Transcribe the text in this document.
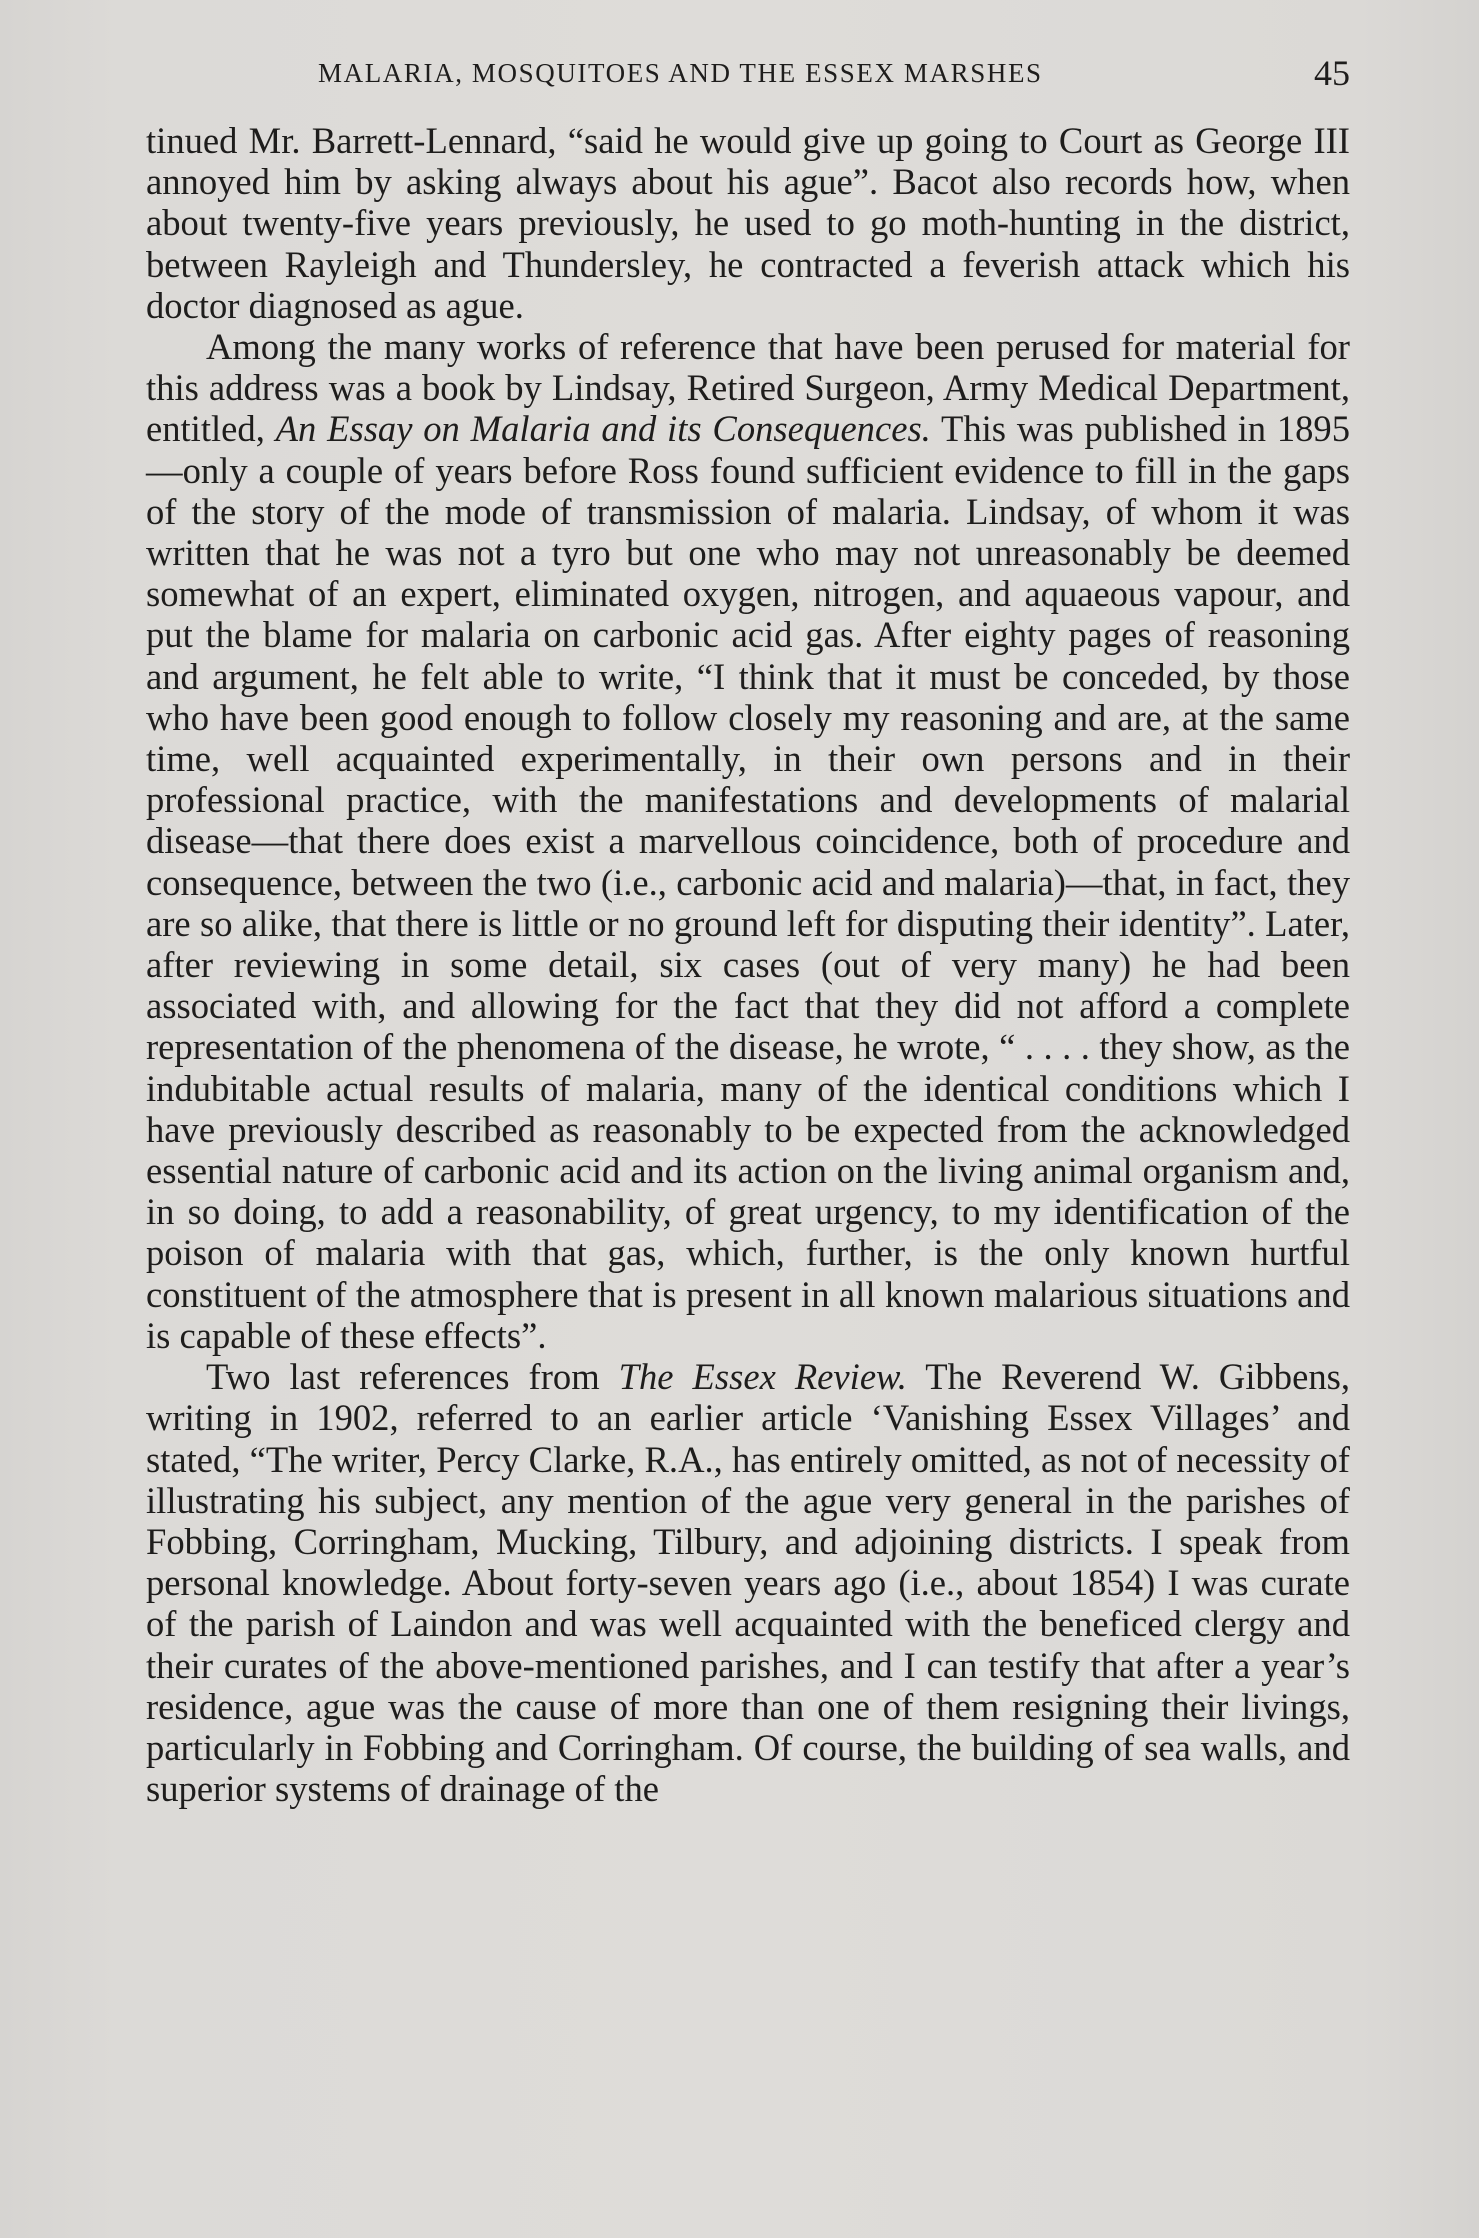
MALARIA, MOSQUITOES AND THE ESSEX MARSHES	45

tinued Mr. Barrett-Lennard, “said he would give up going to Court as George III annoyed him by asking always about his ague”. Bacot also records how, when about twenty-five years previously, he used to go moth-hunting in the district, between Rayleigh and Thundersley, he contracted a feverish attack which his doctor diagnosed as ague.

Among the many works of reference that have been perused for material for this address was a book by Lindsay, Retired Surgeon, Army Medical Department, entitled, An Essay on Malaria and its Consequences. This was published in 1895—only a couple of years before Ross found sufficient evidence to fill in the gaps of the story of the mode of transmission of malaria. Lindsay, of whom it was written that he was not a tyro but one who may not unreasonably be deemed somewhat of an expert, eliminated oxygen, nitrogen, and aquaeous vapour, and put the blame for malaria on carbonic acid gas. After eighty pages of reasoning and argument, he felt able to write, “I think that it must be conceded, by those who have been good enough to follow closely my reasoning and are, at the same time, well acquainted experimentally, in their own persons and in their professional practice, with the manifestations and developments of malarial disease—that there does exist a marvellous coincidence, both of procedure and consequence, between the two (i.e., carbonic acid and malaria)—that, in fact, they are so alike, that there is little or no ground left for disputing their identity”. Later, after reviewing in some detail, six cases (out of very many) he had been associated with, and allowing for the fact that they did not afford a complete representation of the phenomena of the disease, he wrote, “ . . . . they show, as the indubitable actual results of malaria, many of the identical conditions which I have previously described as reasonably to be expected from the acknowledged essential nature of carbonic acid and its action on the living animal organism and, in so doing, to add a reasonability, of great urgency, to my identification of the poison of malaria with that gas, which, further, is the only known hurtful constituent of the atmosphere that is present in all known malarious situations and is capable of these effects”.

Two last references from The Essex Review. The Reverend W. Gibbens, writing in 1902, referred to an earlier article ‘Vanishing Essex Villages’ and stated, “The writer, Percy Clarke, R.A., has entirely omitted, as not of necessity of illustrating his subject, any mention of the ague very general in the parishes of Fobbing, Corringham, Mucking, Tilbury, and adjoining districts. I speak from personal knowledge. About forty-seven years ago (i.e., about 1854) I was curate of the parish of Laindon and was well acquainted with the beneficed clergy and their curates of the above-mentioned parishes, and I can testify that after a year’s residence, ague was the cause of more than one of them resigning their livings, particularly in Fobbing and Corringham. Of course, the building of sea walls, and superior systems of drainage of the
